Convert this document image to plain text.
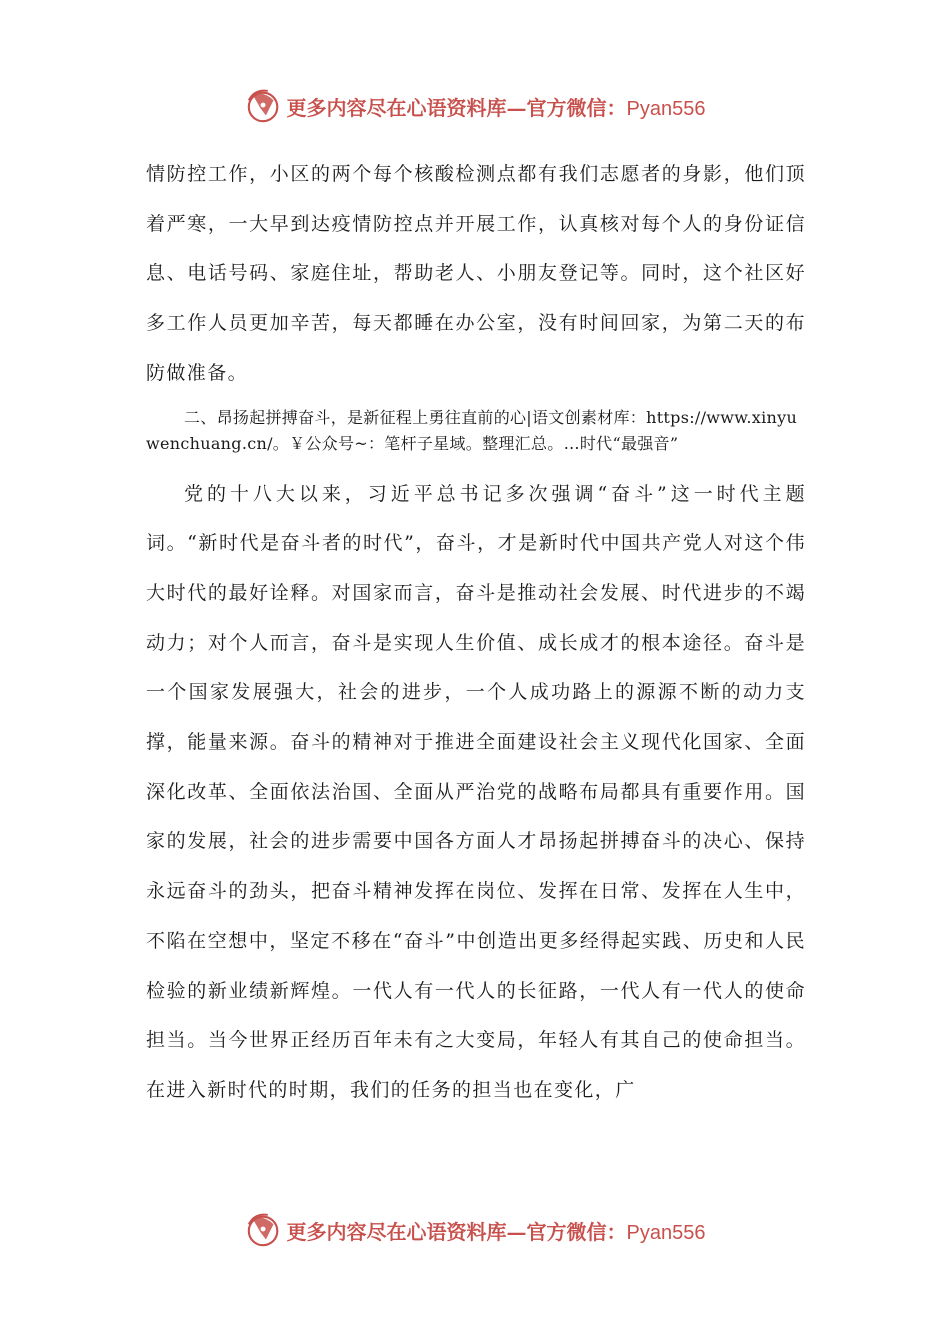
更多内容尽在心语资料库—官方微信：Pyan556

情防控工作，小区的两个每个核酸检测点都有我们志愿者的身影，他们顶着严寒，一大早到达疫情防控点并开展工作，认真核对每个人的身份证信息、电话号码、家庭住址，帮助老人、小朋友登记等。同时，这个社区好多工作人员更加辛苦，每天都睡在办公室，没有时间回家，为第二天的布防做准备。

二、昂扬起拼搏奋斗，是新征程上勇往直前的心|语文创素材库：https://www.xinyuwenchuang.cn/。￥公众号~：笔杆子星域。整理汇总。…时代“最强音”

党的十八大以来，习近平总书记多次强调“奋斗”这一时代主题词。“新时代是奋斗者的时代”，奋斗，才是新时代中国共产党人对这个伟大时代的最好诠释。对国家而言，奋斗是推动社会发展、时代进步的不竭动力；对个人而言，奋斗是实现人生价值、成长成才的根本途径。奋斗是一个国家发展强大，社会的进步，一个人成功路上的源源不断的动力支撑，能量来源。奋斗的精神对于推进全面建设社会主义现代化国家、全面深化改革、全面依法治国、全面从严治党的战略布局都具有重要作用。国家的发展，社会的进步需要中国各方面人才昂扬起拼搏奋斗的决心、保持永远奋斗的劲头，把奋斗精神发挥在岗位、发挥在日常、发挥在人生中，不陷在空想中，坚定不移在“奋斗”中创造出更多经得起实践、历史和人民检验的新业绩新辉煌。一代人有一代人的长征路，一代人有一代人的使命担当。当今世界正经历百年未有之大变局，年轻人有其自己的使命担当。在进入新时代的时期，我们的任务的担当也在变化，广

更多内容尽在心语资料库—官方微信：Pyan556
